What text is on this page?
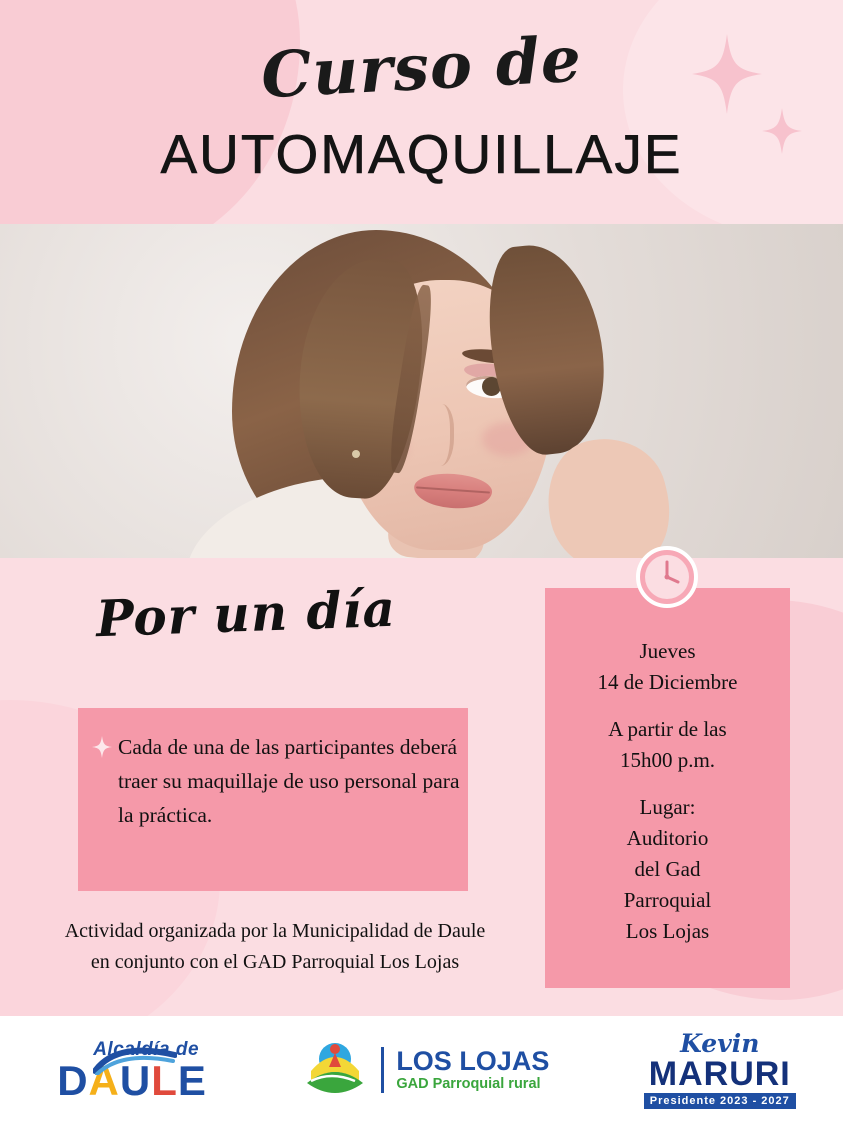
Curso de
AUTOMAQUILLAJE
Por un día
Cada de una de las participantes deberá traer su maquillaje de uso personal para la práctica.
Actividad organizada por la Municipalidad de Daule en conjunto con el GAD Parroquial Los Lojas

Jueves
14 de Diciembre

A partir de las
15h00 p.m.

Lugar:
Auditorio
del Gad
Parroquial
Los Lojas

Alcaldía de
DAULE	LOS LOJAS
GAD Parroquial rural
Kevin
MARURI
Presidente 2023 - 2027
